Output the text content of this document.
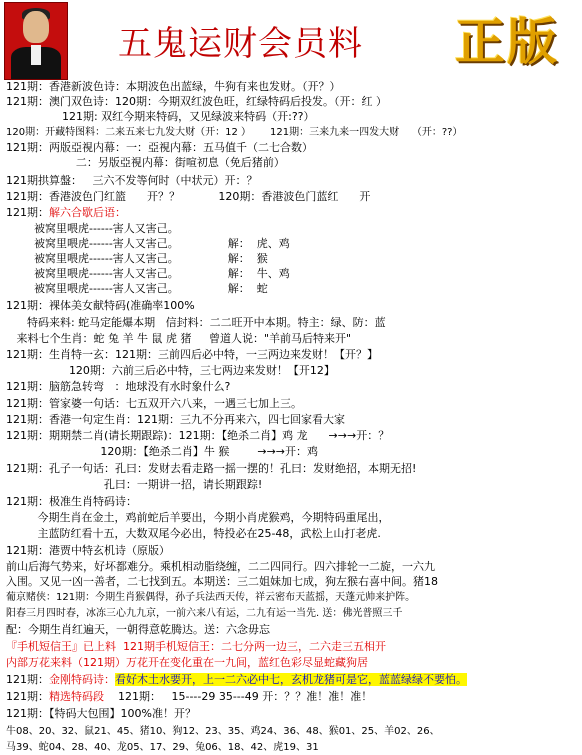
五鬼运财会员料 正版
121期：香港新波色诗：本期波色出蓝绿，牛狗有来也发财。（开？）
121期：澳门双色诗：120期：今期双红波色旺，红绿特码后投发。（开：红 ）
121期: 双红今期来特码，又见绿波来特码（开:??）
120期：开藏特图料：二来五来七九发大财（开：12 ）      121期：三来九来一四发大财    （开：??）
121期：两版亞視内幕：一：亞視内幕：五马值千（二七合数）
二：另版亞視内幕：街喧初息（免后猪前）
121期拱算盤：   三六不发等何时（中状元）开：？
121期：香港波色门红篮      开？？           120期：香港波色门蓝红      开
121期：解六合歇后语：
被窝里喂虎------害人又害己。
被窝里喂虎------害人又害己。              解：  虎、鸡
被窝里喂虎------害人又害己。              解：  猴
被窝里喂虎------害人又害己。              解：  牛、鸡
被窝里喂虎------害人又害己。              解：  蛇
121期：裸体美女献特码(准确率100%
特码来料: 蛇马定能爆本期   信封料：二二旺开中本期。特主：绿、防：蓝
来料七个生肖：蛇 兔 羊 牛 鼠 虎 猪     曾道人说："羊前马后特来开"
121期：生肖特一玄：121期：三前四后必中特，一三两边来发财！【开？】
120期：六前三后必中特，三七两边来发财！【开12】
121期：脑筋急转弯   ：地球没有水时象什么?
121期：管家婆一句话：七五双开六八来，一遇三七加上三。
121期：香港一句定生肖：121期：三九不分再来六，四七回家看大家
121期：期期禁二肖(请长期跟踪)：121期：【绝杀二肖】鸡 龙      →→→开：？
120期：【绝杀二肖】牛 猴        →→→开：鸡
121期：孔子一句话：孔曰：发财去看走路一摇一摆的！孔曰：发财绝招，本期无招!
孔曰：一期讲一招，请长期跟踪!
121期：极准生肖特码诗：
今期生肖在金土，鸡前蛇后羊要出，今期小肖虎猴鸡，今期特码重尾出，
主蓝防红看十五，大数双尾今必出，特投必在25-48，武松上山打老虎.
121期：港贾中特玄机诗（原版）
前山后海气势来，好坏都难分。乘机相动脂绕缠，二二四同行。四六排轮一二旋，一六九
入围。又见一凶一善者，二七找到五。本期送：三二姐妹加七成，狗左猴右喜中间。猪18
葡京赌侠：121期：今期生肖猴偶得，孙子兵法西天传，祥云密布天蓝摇，天蓬元帅来护阵。
阳春三月四时春，冰冻三心九九京，一前六来八有运，二九有运一当先. 送：佛光普照三千
配：今期生肖红遍天，一朝得意乾腾达。送：六念毋忘
『手机短信王』已上料  121期手机短信王：二七分两一边三，二六走三五相开
内部万花来料（121期）万花开在变化重在一九间，蓝红色彩尽显蛇藏狗居
121期：金刚特码诗：看好木土水要开，上一二六必中七，玄机龙猪可是它，蓝蓝绿绿不要怕。
121期：精选特码段    121期：   15----29 35---49 开：？？准！准！准！
121期：【特码大包围】100%准！开？
牛08、20、32、鼠21、45、猪10、狗12、23、35、鸡24、36、48、猴01、25、羊02、26、
马39、蛇04、28、40、龙05、17、29、兔06、18、42、虎19、31
